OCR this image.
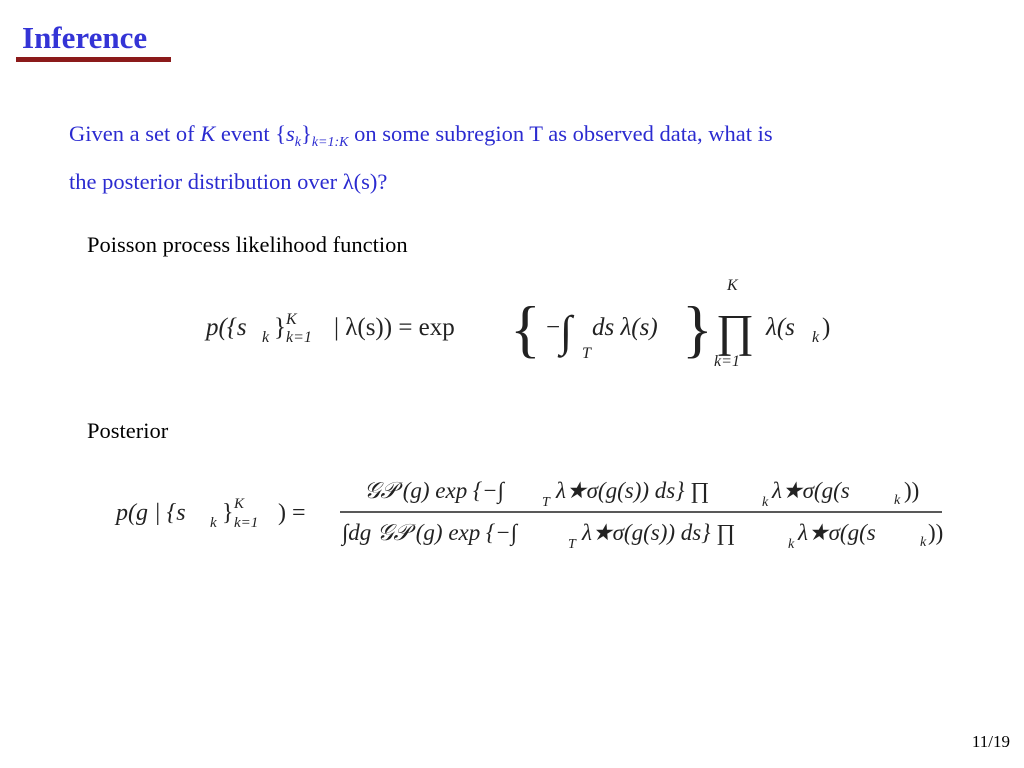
Inference
Given a set of K event $\{s_k\}_{k=1:K}$ on some subregion T as observed data, what is
the posterior distribution over λ(s)?
Poisson process likelihood function
p({s k } K
k=1 | λ(s)) = exp { − ∫ T
ds λ(s) } ∏
K
k=1
λ(s k )
Posterior
p(g | {s k } K
k=1 ) =
𝒢𝒫 (g) exp {−∫	T λ★σ(g(s)) ds} ∏	k λ★σ(g(s	k ))
∫dg 𝒢𝒫 (g) exp {−∫	T λ★σ(g(s)) ds} ∏	k λ★σ(g(s	k ))
11/19
